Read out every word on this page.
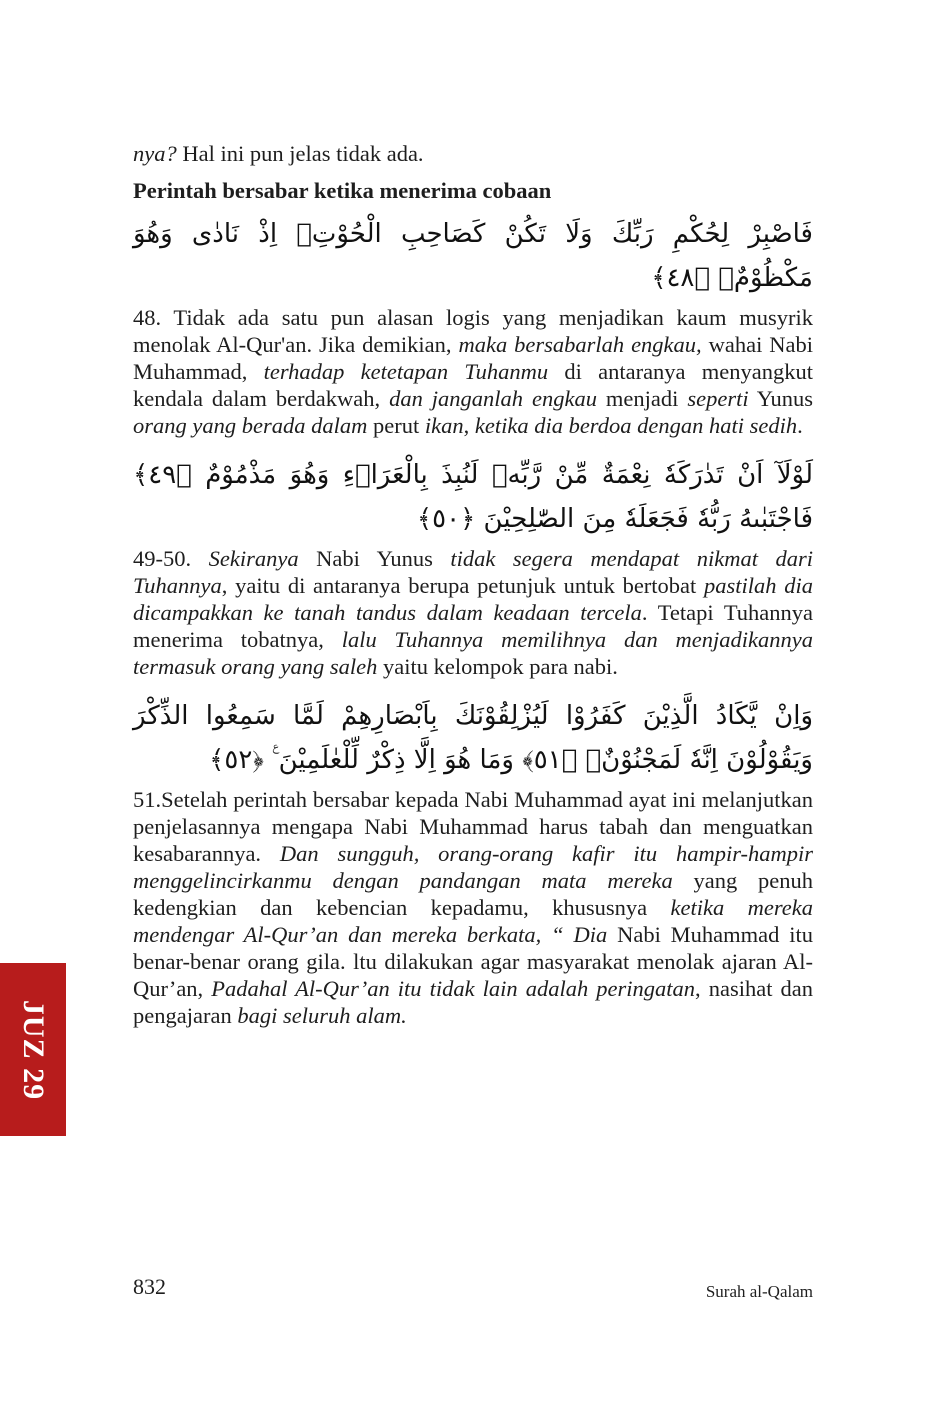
nya? Hal ini pun jelas tidak ada.

Perintah bersabar ketika menerima cobaan

فَاصْبِرْ لِحُكْمِ رَبِّكَ وَلَا تَكُنْ كَصَاحِبِ الْحُوْتِۘ اِذْ نَادٰى وَهُوَ مَكْظُوْمٌۗ ﴿٤٨﴾

48. Tidak ada satu pun alasan logis yang menjadikan kaum musyrik menolak Al-Qur'an. Jika demikian, maka bersabarlah engkau, wahai Nabi Muhammad, terhadap ketetapan Tuhanmu di antaranya menyangkut kendala dalam berdakwah, dan janganlah engkau menjadi seperti Yunus orang yang berada dalam perut ikan, ketika dia berdoa dengan hati sedih.

لَوْلَآ اَنْ تَدٰرَكَهٗ نِعْمَةٌ مِّنْ رَّبِّهٖ لَنُبِذَ بِالْعَرَاۤءِ وَهُوَ مَذْمُوْمٌ ﴿٤٩﴾ فَاجْتَبٰىهُ رَبُّهٗ فَجَعَلَهٗ مِنَ الصّٰلِحِيْنَ ﴿٥٠﴾

49-50. Sekiranya Nabi Yunus tidak segera mendapat nikmat dari Tuhannya, yaitu di antaranya berupa petunjuk untuk bertobat pastilah dia dicampakkan ke tanah tandus dalam keadaan tercela. Tetapi Tuhannya menerima tobatnya, lalu Tuhannya memilihnya dan menjadikannya termasuk orang yang saleh yaitu kelompok para nabi.

وَاِنْ يَّكَادُ الَّذِيْنَ كَفَرُوْا لَيُزْلِقُوْنَكَ بِاَبْصَارِهِمْ لَمَّا سَمِعُوا الذِّكْرَ وَيَقُوْلُوْنَ اِنَّهٗ لَمَجْنُوْنٌۘ ﴿٥١﴾ وَمَا هُوَ اِلَّا ذِكْرٌ لِّلْعٰلَمِيْنَ ࣖ ﴿٥٢﴾

51.Setelah perintah bersabar kepada Nabi Muhammad ayat ini melanjutkan penjelasannya mengapa Nabi Muhammad harus tabah dan menguatkan kesabarannya. Dan sungguh, orang-orang kafir itu hampir-hampir menggelincirkanmu dengan pandangan mata mereka yang penuh kedengkian dan kebencian kepadamu, khususnya ketika mereka mendengar Al-Qur’an dan mereka berkata, “ Dia Nabi Muhammad itu benar-benar orang gila. ltu dilakukan agar masyarakat menolak ajaran Al-Qur’an, Padahal Al-Qur’an itu tidak lain adalah peringatan, nasihat dan pengajaran bagi seluruh alam.

JUZ 29
832	Surah al-Qalam
